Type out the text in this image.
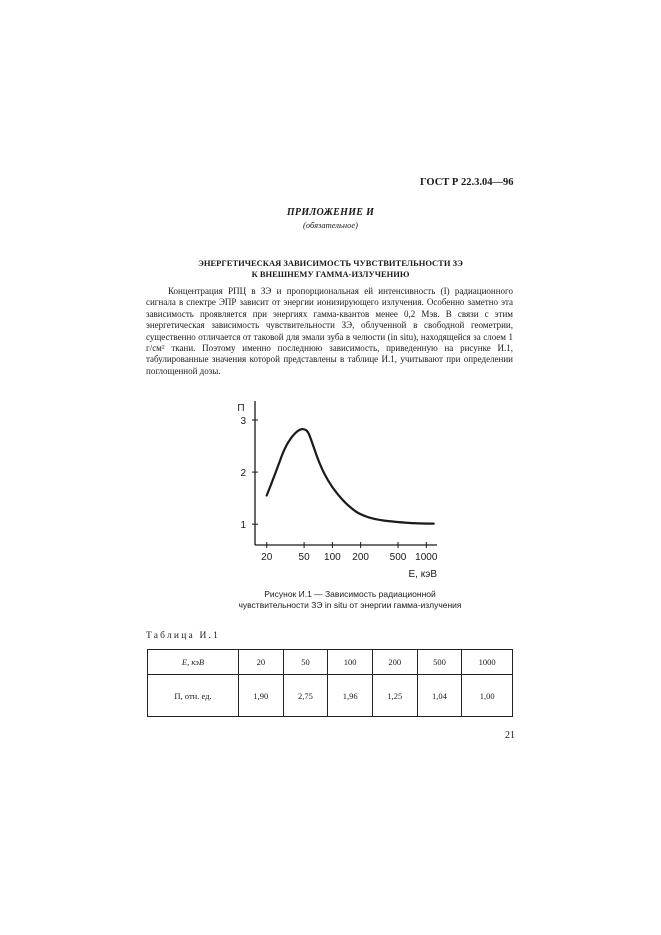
ГОСТ Р 22.3.04—96
ПРИЛОЖЕНИЕ И
(обязательное)
ЭНЕРГЕТИЧЕСКАЯ ЗАВИСИМОСТЬ ЧУВСТВИТЕЛЬНОСТИ ЗЭ
К ВНЕШНЕМУ ГАММА-ИЗЛУЧЕНИЮ

Концентрация РПЦ в ЗЭ и пропорциональная ей интенсивность (I) радиационного сигнала в спектре ЭПР зависит от энергии ионизирующего излучения. Особенно заметно эта зависимость проявляется при энергиях гамма-квантов менее 0,2 Мэв. В связи с этим энергетическая зависимость чувствительности ЗЭ, облученной в свободной геометрии, существенно отличается от таковой для эмали зуба в челюсти (in situ), находящейся за слоем 1 г/см² ткани. Поэтому именно последнюю зависимость, приведенную на рисунке И.1, табулированные значения которой представлены в таблице И.1, учитывают при определении поглощенной дозы.

1
2
3
20	50 100 200 500 1000
П
E, кэВ
Рисунок И.1 — Зависимость радиационной чувствительности ЗЭ in situ от энергии гамма-излучения
Таблица И.1
E, кэВ	20	50	100	200	500	1000
П, отн. ед.	1,90	2,75	1,96	1,25	1,04	1,00
21
